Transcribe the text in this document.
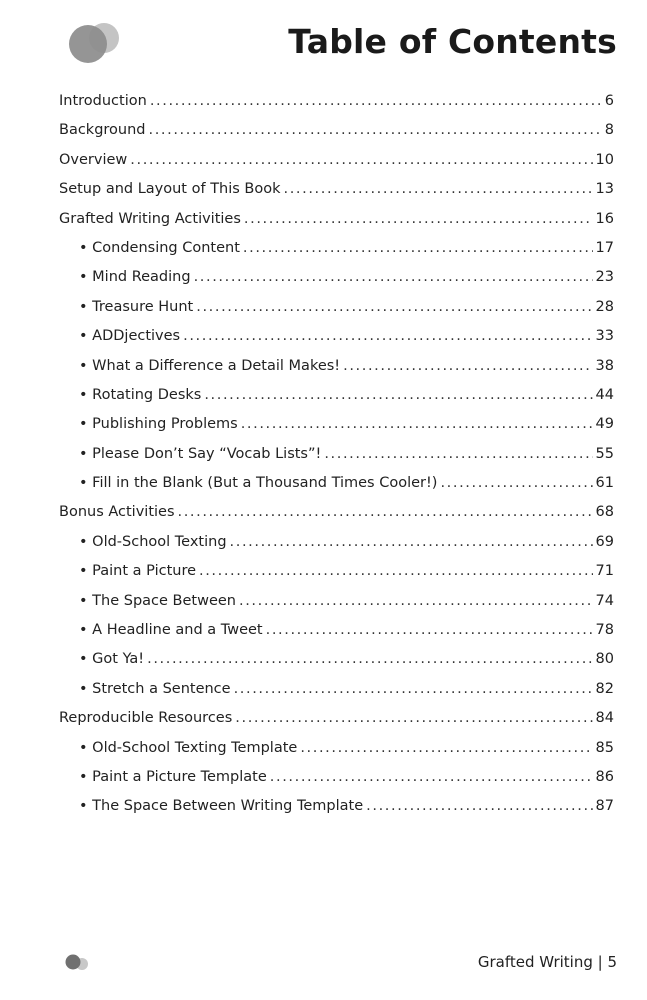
Table of Contents
Introduction .....	6
Background .....	8
Overview .....	10
Setup and Layout of This Book .....	13
Grafted Writing Activities .....	16
• Condensing Content .....	17
• Mind Reading .....	23
• Treasure Hunt .....	28
• ADDjectives .....	33
• What a Difference a Detail Makes! .....	38
• Rotating Desks .....	44
• Publishing Problems .....	49
• Please Don’t Say “Vocab Lists”! .....	55
• Fill in the Blank (But a Thousand Times Cooler!) .....	61
Bonus Activities .....	68
• Old-School Texting .....	69
• Paint a Picture .....	71
• The Space Between .....	74
• A Headline and a Tweet .....	78
• Got Ya! .....	80
• Stretch a Sentence .....	82
Reproducible Resources .....	84
• Old-School Texting Template .....	85
• Paint a Picture Template .....	86
• The Space Between Writing Template .....	87
Grafted Writing | 5
